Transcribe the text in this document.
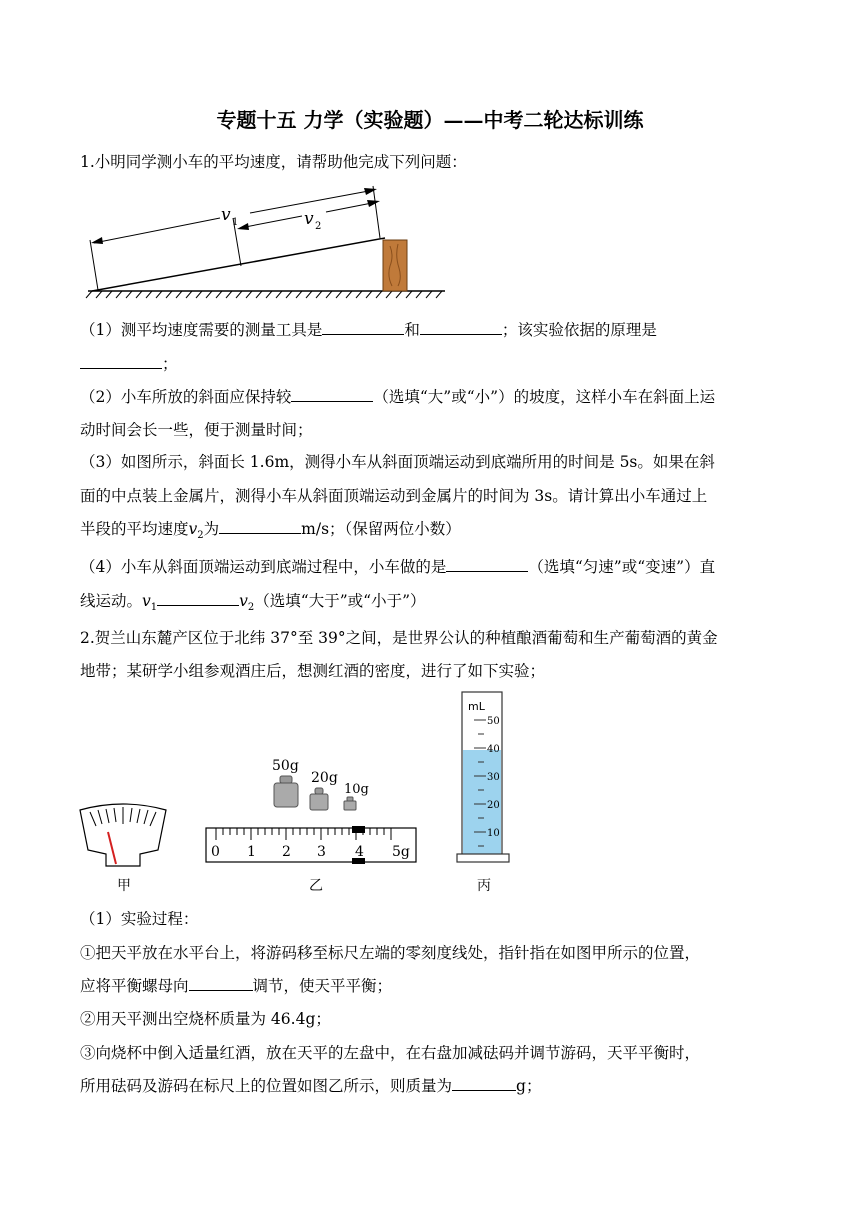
专题十五 力学（实验题）——中考二轮达标训练
1.小明同学测小车的平均速度，请帮助他完成下列问题：
v 1	v 2
（1）测平均速度需要的测量工具是	和	；该实验依据的原理是
；
（2）小车所放的斜面应保持较	（选填“大”或“小”）的坡度，这样小车在斜面上运
动时间会长一些，便于测量时间；
（3）如图所示，斜面长 1.6m，测得小车从斜面顶端运动到底端所用的时间是 5s。如果在斜
面的中点装上金属片，测得小车从斜面顶端运动到金属片的时间为 3s。请计算出小车通过上
半段的平均速度$v_2$为	m/s；（保留两位小数）
（4）小车从斜面顶端运动到底端过程中，小车做的是	（选填“匀速”或“变速”）直
线运动。$v_1$	$v_2$（选填“大于”或“小于”）
2.贺兰山东麓产区位于北纬 37°至 39°之间，是世界公认的种植酿酒葡萄和生产葡萄酒的黄金
地带；某研学小组参观酒庄后，想测红酒的密度，进行了如下实验；
甲
50g
20g
10g
0 1 2 3 4 5g
乙
mL
50
40
30
20
10
丙
（1）实验过程：
①把天平放在水平台上，将游码移至标尺左端的零刻度线处，指针指在如图甲所示的位置，
应将平衡螺母向	调节，使天平平衡；
②用天平测出空烧杯质量为 46.4g；
③向烧杯中倒入适量红酒，放在天平的左盘中，在右盘加减砝码并调节游码，天平平衡时，
所用砝码及游码在标尺上的位置如图乙所示，则质量为	g；
